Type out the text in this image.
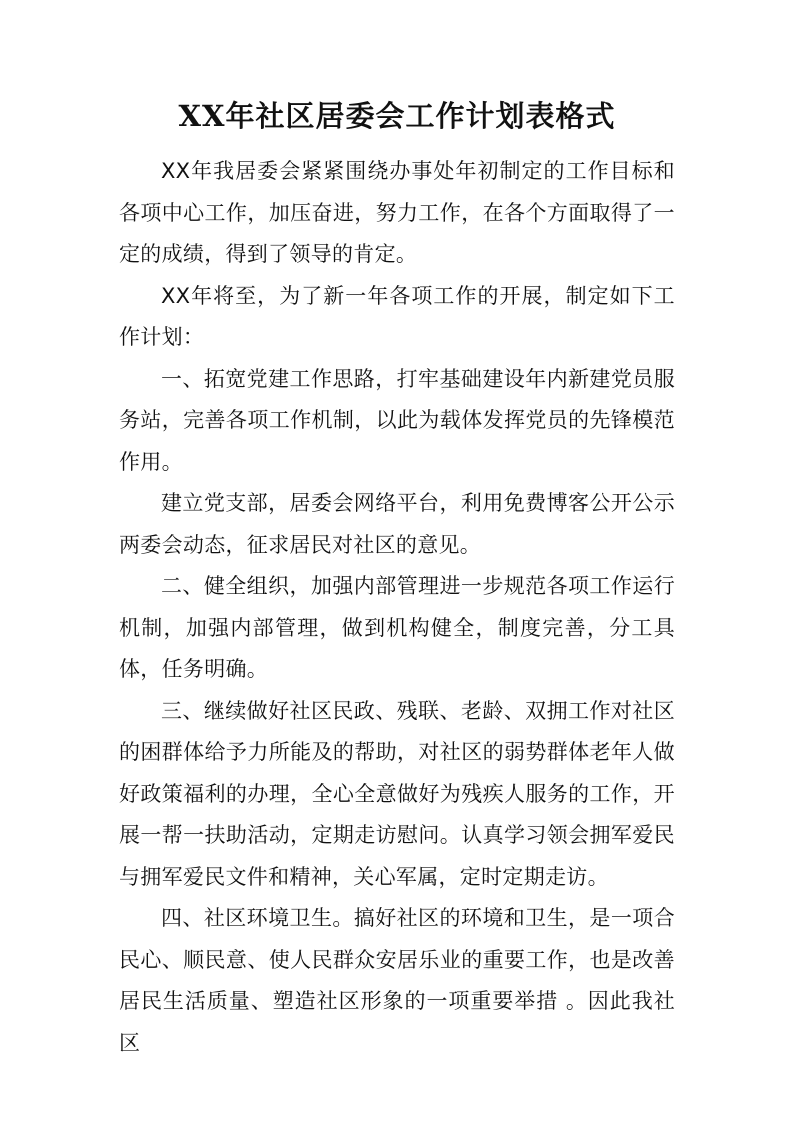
XX年社区居委会工作计划表格式

XX年我居委会紧紧围绕办事处年初制定的工作目标和各项中心工作，加压奋进，努力工作，在各个方面取得了一定的成绩，得到了领导的肯定。

XX年将至，为了新一年各项工作的开展，制定如下工作计划：

一、拓宽党建工作思路，打牢基础建设年内新建党员服务站，完善各项工作机制，以此为载体发挥党员的先锋模范作用。

建立党支部，居委会网络平台，利用免费博客公开公示两委会动态，征求居民对社区的意见。

二、健全组织，加强内部管理进一步规范各项工作运行机制，加强内部管理，做到机构健全，制度完善，分工具体，任务明确。

三、继续做好社区民政、残联、老龄、双拥工作对社区的困群体给予力所能及的帮助，对社区的弱势群体老年人做好政策福利的办理，全心全意做好为残疾人服务的工作，开展一帮一扶助活动，定期走访慰问。认真学习领会拥军爱民与拥军爱民文件和精神，关心军属，定时定期走访。

四、社区环境卫生。搞好社区的环境和卫生，是一项合民心、顺民意、使人民群众安居乐业的重要工作，也是改善居民生活质量、塑造社区形象的一项重要举措 。因此我社区
